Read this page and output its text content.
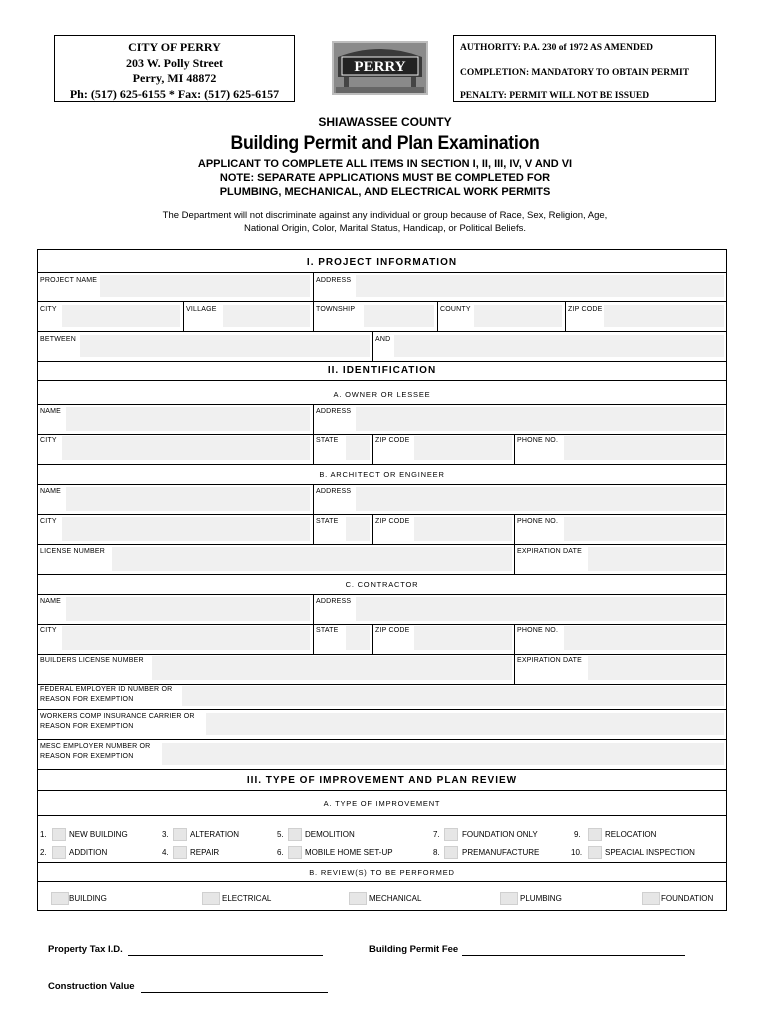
CITY OF PERRY
203 W. Polly Street
Perry, MI 48872
Ph: (517) 625-6155 * Fax: (517) 625-6157
PERRY
AUTHORITY: P.A. 230 of 1972 AS AMENDED
COMPLETION: MANDATORY TO OBTAIN PERMIT
PENALTY: PERMIT WILL NOT BE ISSUED
SHIAWASSEE COUNTY
Building Permit and Plan Examination
APPLICANT TO COMPLETE ALL ITEMS IN SECTION I, II, III, IV, V AND VI
NOTE: SEPARATE APPLICATIONS MUST BE COMPLETED FOR
PLUMBING, MECHANICAL, AND ELECTRICAL WORK PERMITS
The Department will not discriminate against any individual or group because of Race, Sex, Religion, Age,
National Origin, Color, Marital Status, Handicap, or Political Beliefs.
I. PROJECT INFORMATION
PROJECT NAME	ADDRESS
CITY	VILLAGE	TOWNSHIP	COUNTY	ZIP CODE
BETWEEN	AND
II. IDENTIFICATION
A. OWNER OR LESSEE
NAME	ADDRESS
CITY	STATE	ZIP CODE	PHONE NO.
B. ARCHITECT OR ENGINEER
NAME	ADDRESS
CITY	STATE	ZIP CODE	PHONE NO.
LICENSE NUMBER	EXPIRATION DATE
C. CONTRACTOR
NAME	ADDRESS
CITY	STATE	ZIP CODE	PHONE NO.
BUILDERS LICENSE NUMBER	EXPIRATION DATE
FEDERAL EMPLOYER ID NUMBER OR
REASON FOR EXEMPTION
WORKERS COMP INSURANCE CARRIER OR
REASON FOR EXEMPTION
MESC EMPLOYER NUMBER OR
REASON FOR EXEMPTION
III. TYPE OF IMPROVEMENT AND PLAN REVIEW
A. TYPE OF IMPROVEMENT
1.	NEW BUILDING
2.	ADDITION
3.	ALTERATION
4.	REPAIR
5.	DEMOLITION
6.	MOBILE HOME SET-UP
7.	FOUNDATION ONLY
8.	PREMANUFACTURE
9.	RELOCATION
10.	SPEACIAL INSPECTION
B. REVIEW(S) TO BE PERFORMED
BUILDING	ELECTRICAL	MECHANICAL	PLUMBING	FOUNDATION
Property Tax I.D.	Building Permit Fee
Construction Value
